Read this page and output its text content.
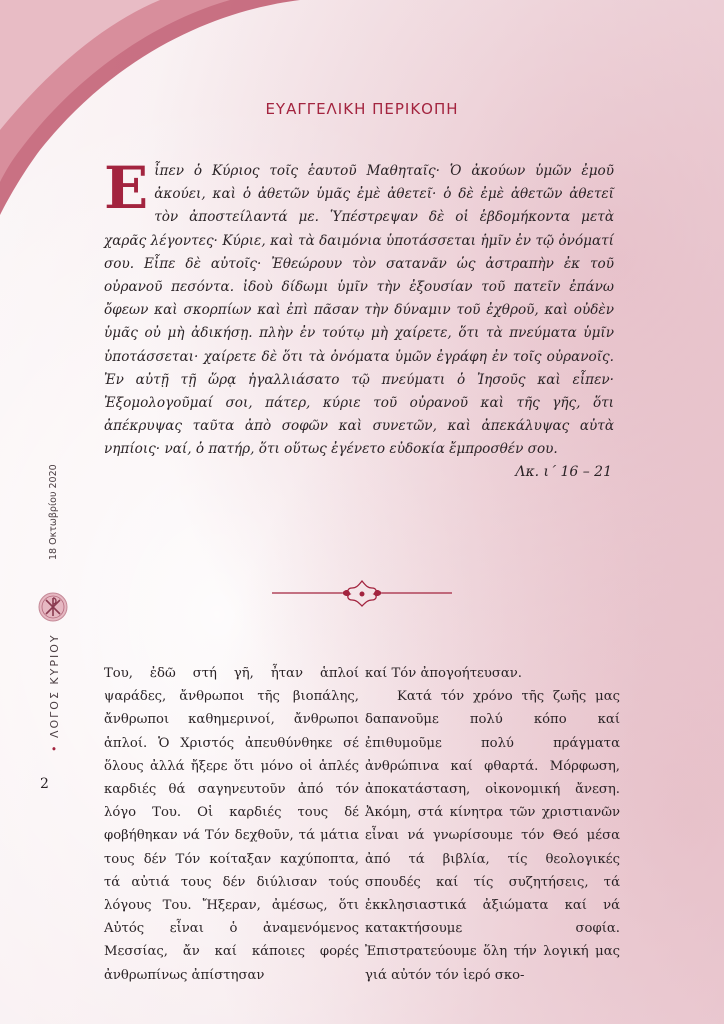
ΕΥΑΓΓΕΛΙΚΗ ΠΕΡΙΚΟΠΗ
Εἶπεν ὁ Κύριος τοῖς ἑαυτοῦ Μαθηταῖς· Ὁ ἀκούων ὑμῶν ἐμοῦ ἀκούει, καὶ ὁ ἀθετῶν ὑμᾶς ἐμὲ ἀθετεῖ· ὁ δὲ ἐμὲ ἀθετῶν ἀθετεῖ τὸν ἀποστείλαντά με. Ὑπέστρεψαν δὲ οἱ ἑβδομήκοντα μετὰ χαρᾶς λέγοντες· Κύριε, καὶ τὰ δαιμόνια ὑποτάσσεται ἡμῖν ἐν τῷ ὀνόματί σου. Εἶπε δὲ αὐτοῖς· Ἐθεώρουν τὸν σατανᾶν ὡς ἀστραπὴν ἐκ τοῦ οὐρανοῦ πεσόντα. ἰδοὺ δίδωμι ὑμῖν τὴν ἐξουσίαν τοῦ πατεῖν ἐπάνω ὄφεων καὶ σκορπίων καὶ ἐπὶ πᾶσαν τὴν δύναμιν τοῦ ἐχθροῦ, καὶ οὐδὲν ὑμᾶς οὐ μὴ ἀδικήσῃ. πλὴν ἐν τούτῳ μὴ χαίρετε, ὅτι τὰ πνεύματα ὑμῖν ὑποτάσσεται· χαίρετε δὲ ὅτι τὰ ὀνόματα ὑμῶν ἐγράφη ἐν τοῖς οὐρανοῖς. Ἐν αὐτῇ τῇ ὥρᾳ ἠγαλλιάσατο τῷ πνεύματι ὁ Ἰησοῦς καὶ εἶπεν· Ἐξομολογοῦμαί σοι, πάτερ, κύριε τοῦ οὐρανοῦ καὶ τῆς γῆς, ὅτι ἀπέκρυψας ταῦτα ἀπὸ σοφῶν καὶ συνετῶν, καὶ ἀπεκάλυψας αὐτὰ νηπίοις· ναί, ὁ πατήρ, ὅτι οὕτως ἐγένετο εὐδοκία ἔμπροσθέν σου.
Λκ. ι΄ 16 – 21

Του, ἐδῶ στή γῆ, ἦταν ἁπλοί ψαράδες, ἄνθρωποι τῆς βιοπάλης, ἄνθρωποι καθημερινοί, ἄνθρωποι ἁπλοί. Ὁ Χριστός ἀπευθύνθηκε σέ ὅλους ἀλλά ἤξερε ὅτι μόνο οἱ ἁπλές καρδιές θά σαγηνευτοῦν ἀπό τόν λόγο Του. Οἱ καρδιές τους δέ φοβήθηκαν νά Τόν δεχθοῦν, τά μάτια τους δέν Τόν κοίταξαν καχύποπτα, τά αὐτιά τους δέν διύλισαν τούς λόγους Του. Ἤξεραν, ἀμέσως, ὅτι Αὐτός εἶναι ὁ ἀναμενόμενος Μεσσίας, ἄν καί κάποιες φορές ἀνθρωπίνως ἀπίστησαν

καί Τόν ἀπογοήτευσαν.

Κατά τόν χρόνο τῆς ζωῆς μας δαπανοῦμε πολύ κόπο καί ἐπιθυμοῦμε πολύ πράγματα ἀνθρώπινα καί φθαρτά. Μόρφωση, ἀποκατάσταση, οἰκονομική ἄνεση. Ἀκόμη, στά κίνητρα τῶν χριστιανῶν εἶναι νά γνωρίσουμε τόν Θεό μέσα ἀπό τά βιβλία, τίς θεολογικές σπουδές καί τίς συζητήσεις, τά ἐκκλησιαστικά ἀξιώματα καί νά κατακτήσουμε σοφία. Ἐπιστρατεύουμε ὅλη τήν λογική μας γιά αὐτόν τόν ἱερό σκο-

18 Οκτωβρίου 2020
• ΛΟΓΟΣ ΚΥΡΙΟΥ
2
